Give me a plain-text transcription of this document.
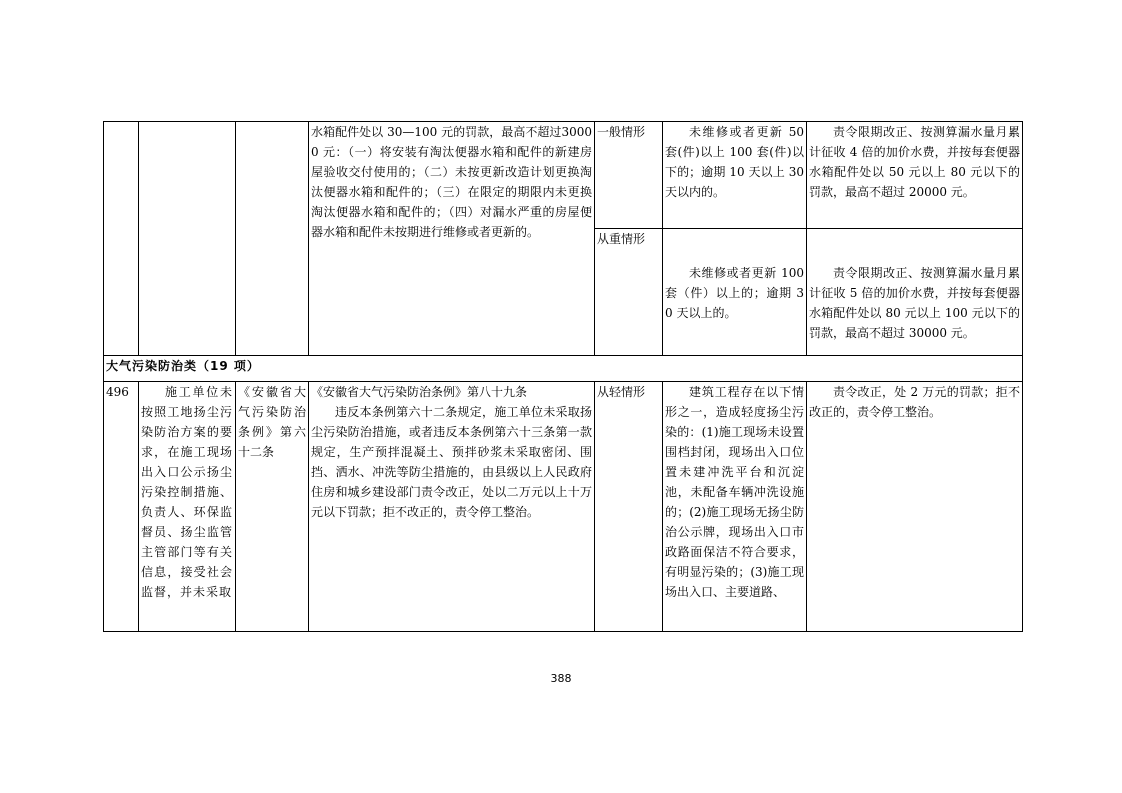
			水箱配件处以 30—100 元的罚款，最高不超过30000 元：（一）将安装有淘汰便器水箱和配件的新建房屋验收交付使用的；（二）未按更新改造计划更换淘汰便器水箱和配件的；（三）在限定的期限内未更换淘汰便器水箱和配件的；（四）对漏水严重的房屋便器水箱和配件未按期进行维修或者更新的。	一般情形	未维修或者更新 50 套(件)以上 100 套(件)以下的；逾期 10 天以上 30 天以内的。	责令限期改正、按测算漏水量月累计征收 4 倍的加价水费，并按每套便器水箱配件处以 50 元以上 80 元以下的罚款，最高不超过 20000 元。
				从重情形	未维修或者更新 100 套（件）以上的；逾期 30 天以上的。	责令限期改正、按测算漏水量月累计征收 5 倍的加价水费，并按每套便器水箱配件处以 80 元以上 100 元以下的罚款，最高不超过 30000 元。
大气污染防治类（19 项）						
496	施工单位未按照工地扬尘污染防治方案的要求，在施工现场出入口公示扬尘污染控制措施、负责人、环保监督员、扬尘监管主管部门等有关信息，接受社会监督，并未采取	《安徽省大气污染防治条例》第六十二条	《安徽省大气污染防治条例》第八十九条
违反本条例第六十二条规定，施工单位未采取扬尘污染防治措施，或者违反本条例第六十三条第一款规定，生产预拌混凝土、预拌砂浆未采取密闭、围挡、洒水、冲洗等防尘措施的，由县级以上人民政府住房和城乡建设部门责令改正，处以二万元以上十万元以下罚款；拒不改正的，责令停工整治。	从轻情形	建筑工程存在以下情形之一，造成轻度扬尘污染的：(1)施工现场未设置围档封闭，现场出入口位置未建冲洗平台和沉淀池，未配备车辆冲洗设施的；(2)施工现场无扬尘防治公示牌，现场出入口市政路面保洁不符合要求，有明显污染的；(3)施工现场出入口、主要道路、	责令改正，处 2 万元的罚款；拒不改正的，责令停工整治。
388
